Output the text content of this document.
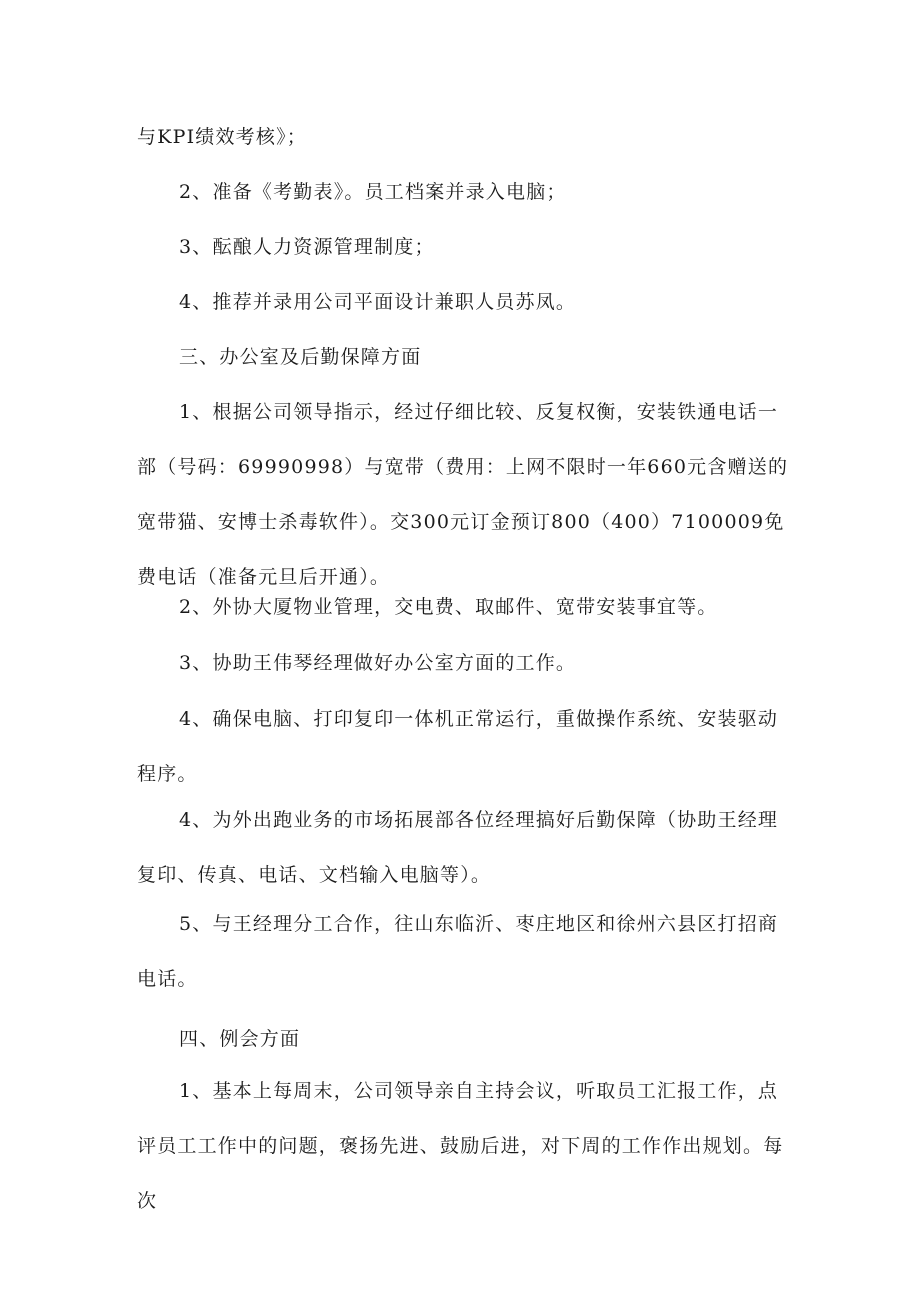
与KPI绩效考核》；

2、准备《考勤表》。员工档案并录入电脑；

3、酝酿人力资源管理制度；

4、推荐并录用公司平面设计兼职人员苏凤。

三、办公室及后勤保障方面

1、根据公司领导指示，经过仔细比较、反复权衡，安装铁通电话一部（号码：69990998）与宽带（费用：上网不限时一年660元含赠送的宽带猫、安博士杀毒软件）。交300元订金预订800（400）7100009免费电话（准备元旦后开通）。

2、外协大厦物业管理，交电费、取邮件、宽带安装事宜等。

3、协助王伟琴经理做好办公室方面的工作。

4、确保电脑、打印复印一体机正常运行，重做操作系统、安装驱动程序。

4、为外出跑业务的市场拓展部各位经理搞好后勤保障（协助王经理复印、传真、电话、文档输入电脑等）。

5、与王经理分工合作，往山东临沂、枣庄地区和徐州六县区打招商电话。

四、例会方面

1、基本上每周末，公司领导亲自主持会议，听取员工汇报工作，点评员工工作中的问题，褒扬先进、鼓励后进，对下周的工作作出规划。每次
